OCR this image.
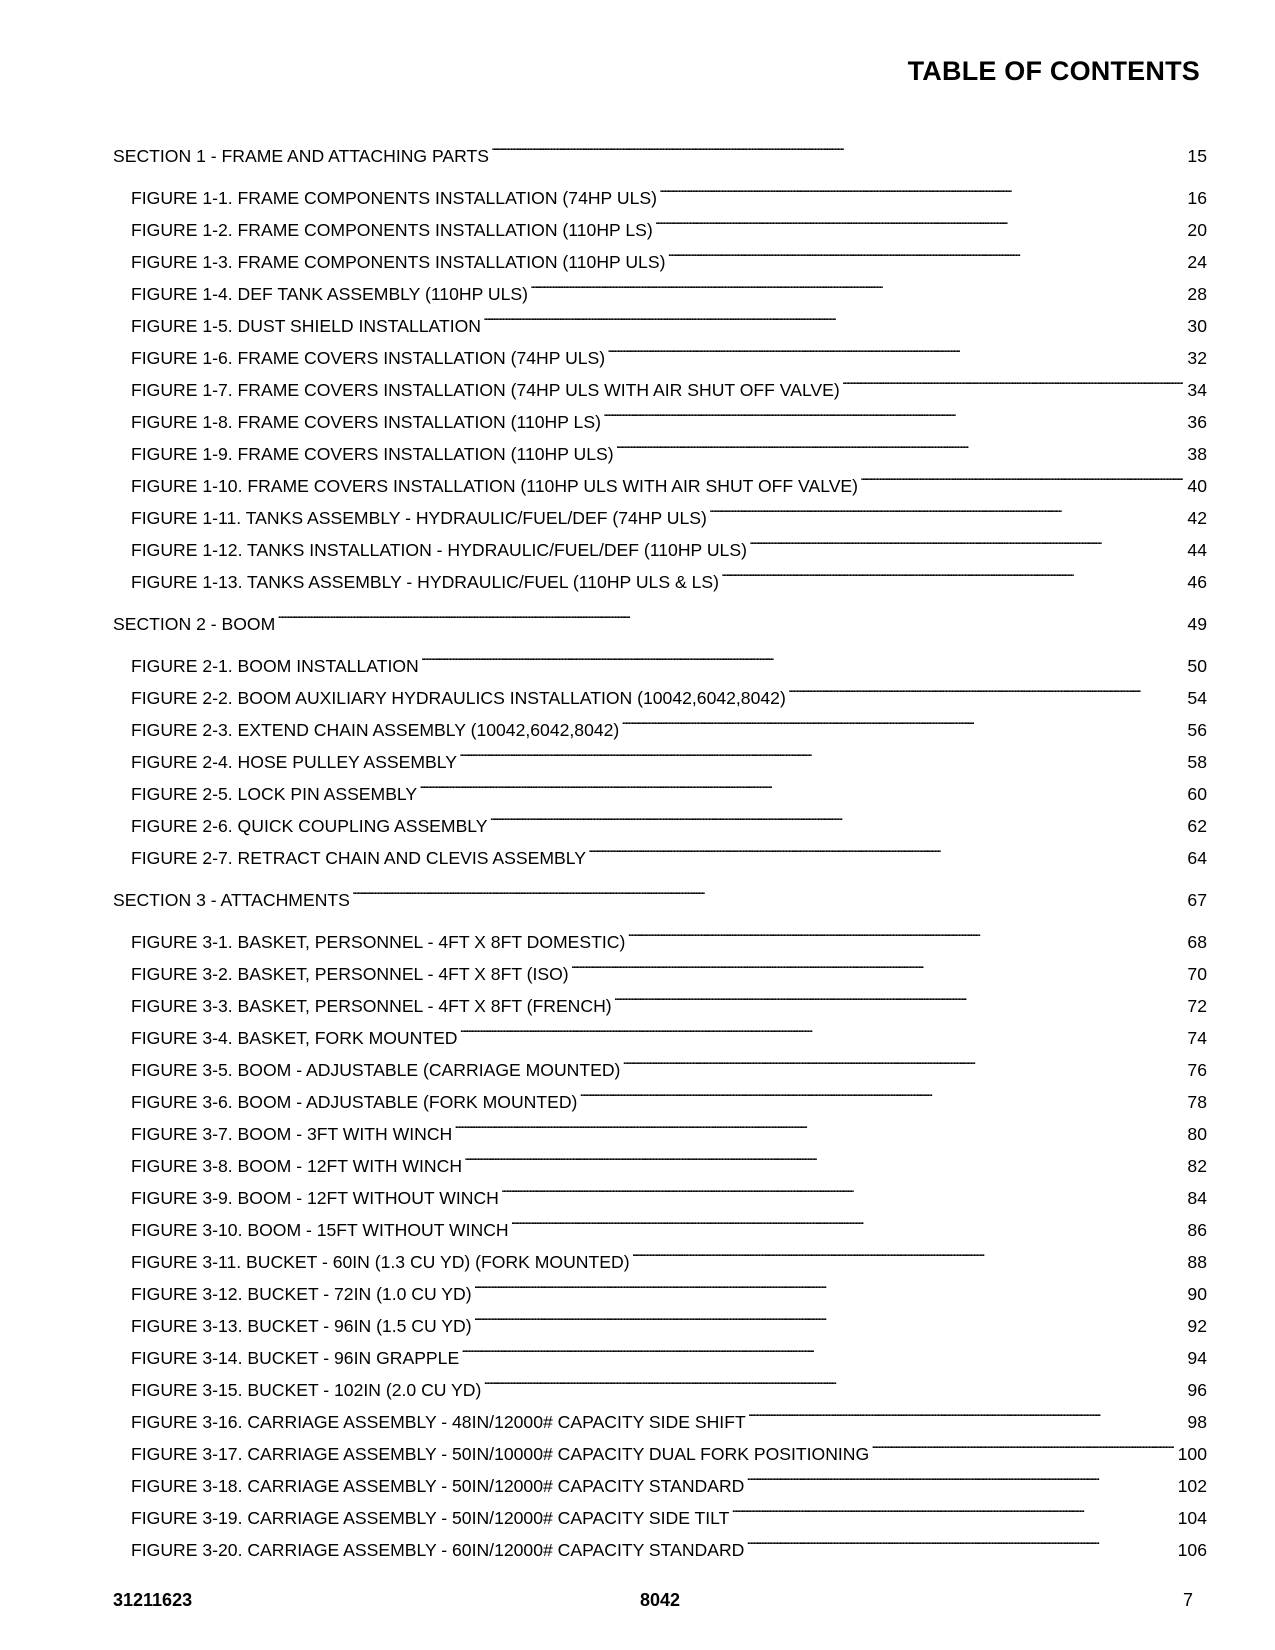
TABLE OF CONTENTS
SECTION 1 - FRAME AND ATTACHING PARTS . . .	15
FIGURE 1-1. FRAME COMPONENTS INSTALLATION (74HP ULS) . . .	16
FIGURE 1-2. FRAME COMPONENTS INSTALLATION (110HP LS) . . .	20
FIGURE 1-3. FRAME COMPONENTS INSTALLATION (110HP ULS) . . .	24
FIGURE 1-4. DEF TANK ASSEMBLY (110HP ULS) . . .	28
FIGURE 1-5. DUST SHIELD INSTALLATION . . .	30
FIGURE 1-6. FRAME COVERS INSTALLATION (74HP ULS) . . .	32
FIGURE 1-7. FRAME COVERS INSTALLATION (74HP ULS WITH AIR SHUT OFF VALVE) . . .	34
FIGURE 1-8. FRAME COVERS INSTALLATION (110HP LS) . . .	36
FIGURE 1-9. FRAME COVERS INSTALLATION (110HP ULS) . . .	38
FIGURE 1-10. FRAME COVERS INSTALLATION (110HP ULS WITH AIR SHUT OFF VALVE) . . .	40
FIGURE 1-11. TANKS ASSEMBLY - HYDRAULIC/FUEL/DEF (74HP ULS) . . .	42
FIGURE 1-12. TANKS INSTALLATION - HYDRAULIC/FUEL/DEF (110HP ULS) . . .	44
FIGURE 1-13. TANKS ASSEMBLY - HYDRAULIC/FUEL (110HP ULS & LS) . . .	46
SECTION 2 - BOOM . . .	49
FIGURE 2-1. BOOM INSTALLATION . . .	50
FIGURE 2-2. BOOM AUXILIARY HYDRAULICS INSTALLATION (10042,6042,8042) . . .	54
FIGURE 2-3. EXTEND CHAIN ASSEMBLY (10042,6042,8042) . . .	56
FIGURE 2-4. HOSE PULLEY ASSEMBLY . . .	58
FIGURE 2-5. LOCK PIN ASSEMBLY . . .	60
FIGURE 2-6. QUICK COUPLING ASSEMBLY . . .	62
FIGURE 2-7. RETRACT CHAIN AND CLEVIS ASSEMBLY . . .	64
SECTION 3 - ATTACHMENTS . . .	67
FIGURE 3-1. BASKET, PERSONNEL - 4FT X 8FT DOMESTIC) . . .	68
FIGURE 3-2. BASKET, PERSONNEL - 4FT X 8FT (ISO) . . .	70
FIGURE 3-3. BASKET, PERSONNEL - 4FT X 8FT (FRENCH) . . .	72
FIGURE 3-4. BASKET, FORK MOUNTED . . .	74
FIGURE 3-5. BOOM - ADJUSTABLE (CARRIAGE MOUNTED) . . .	76
FIGURE 3-6. BOOM - ADJUSTABLE (FORK MOUNTED) . . .	78
FIGURE 3-7. BOOM - 3FT WITH WINCH . . .	80
FIGURE 3-8. BOOM - 12FT WITH WINCH . . .	82
FIGURE 3-9. BOOM - 12FT WITHOUT WINCH . . .	84
FIGURE 3-10. BOOM - 15FT WITHOUT WINCH . . .	86
FIGURE 3-11. BUCKET - 60IN (1.3 CU YD) (FORK MOUNTED) . . .	88
FIGURE 3-12. BUCKET - 72IN (1.0 CU YD) . . .	90
FIGURE 3-13. BUCKET - 96IN (1.5 CU YD) . . .	92
FIGURE 3-14. BUCKET - 96IN GRAPPLE . . .	94
FIGURE 3-15. BUCKET - 102IN (2.0 CU YD) . . .	96
FIGURE 3-16. CARRIAGE ASSEMBLY - 48IN/12000# CAPACITY SIDE SHIFT . . .	98
FIGURE 3-17. CARRIAGE ASSEMBLY - 50IN/10000# CAPACITY DUAL FORK POSITIONING . . .	100
FIGURE 3-18. CARRIAGE ASSEMBLY - 50IN/12000# CAPACITY STANDARD . . .	102
FIGURE 3-19. CARRIAGE ASSEMBLY - 50IN/12000# CAPACITY SIDE TILT . . .	104
FIGURE 3-20. CARRIAGE ASSEMBLY - 60IN/12000# CAPACITY STANDARD . . .	106
31211623	8042	7
